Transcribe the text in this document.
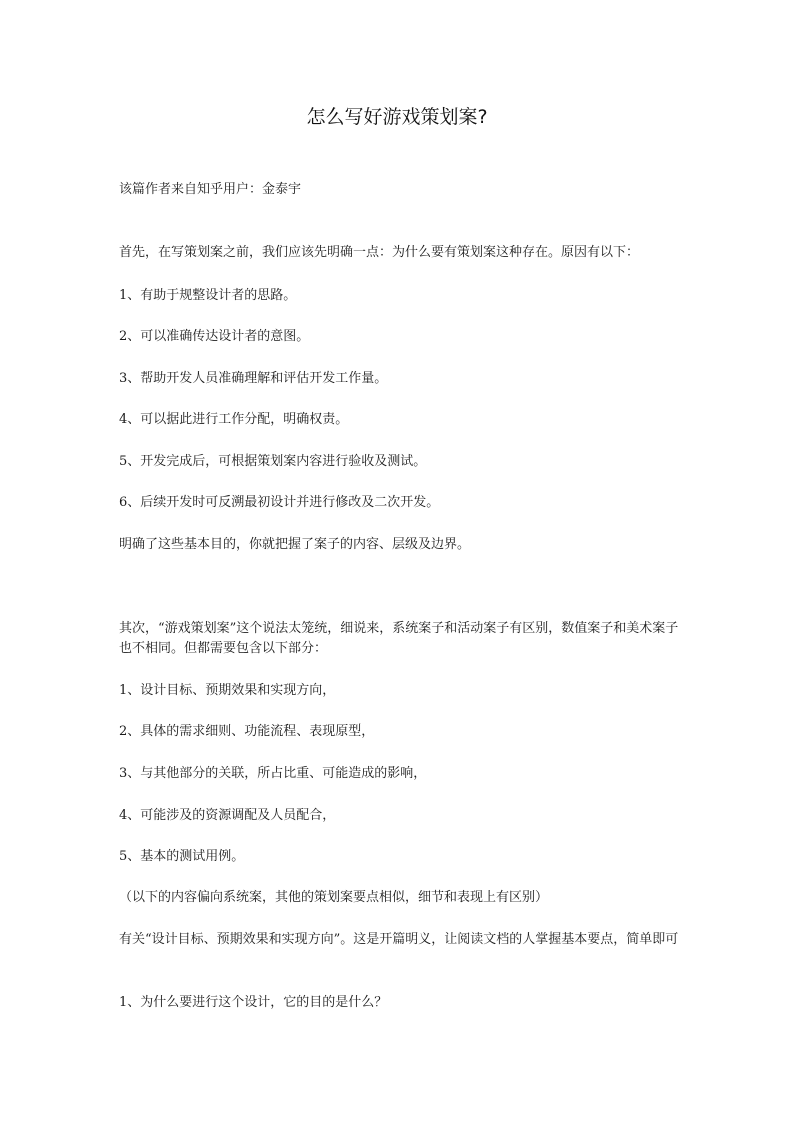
怎么写好游戏策划案?
该篇作者来自知乎用户：金泰宇
首先，在写策划案之前，我们应该先明确一点：为什么要有策划案这种存在。原因有以下：
1、有助于规整设计者的思路。
2、可以准确传达设计者的意图。
3、帮助开发人员准确理解和评估开发工作量。
4、可以据此进行工作分配，明确权责。
5、开发完成后，可根据策划案内容进行验收及测试。
6、后续开发时可反溯最初设计并进行修改及二次开发。
明确了这些基本目的，你就把握了案子的内容、层级及边界。
其次，“游戏策划案”这个说法太笼统，细说来，系统案子和活动案子有区别，数值案子和美术案子也不相同。但都需要包含以下部分：
1、设计目标、预期效果和实现方向，
2、具体的需求细则、功能流程、表现原型，
3、与其他部分的关联，所占比重、可能造成的影响，
4、可能涉及的资源调配及人员配合，
5、基本的测试用例。
（以下的内容偏向系统案，其他的策划案要点相似，细节和表现上有区别）
有关“设计目标、预期效果和实现方向”。这是开篇明义，让阅读文档的人掌握基本要点，简单即可
1、为什么要进行这个设计，它的目的是什么？
